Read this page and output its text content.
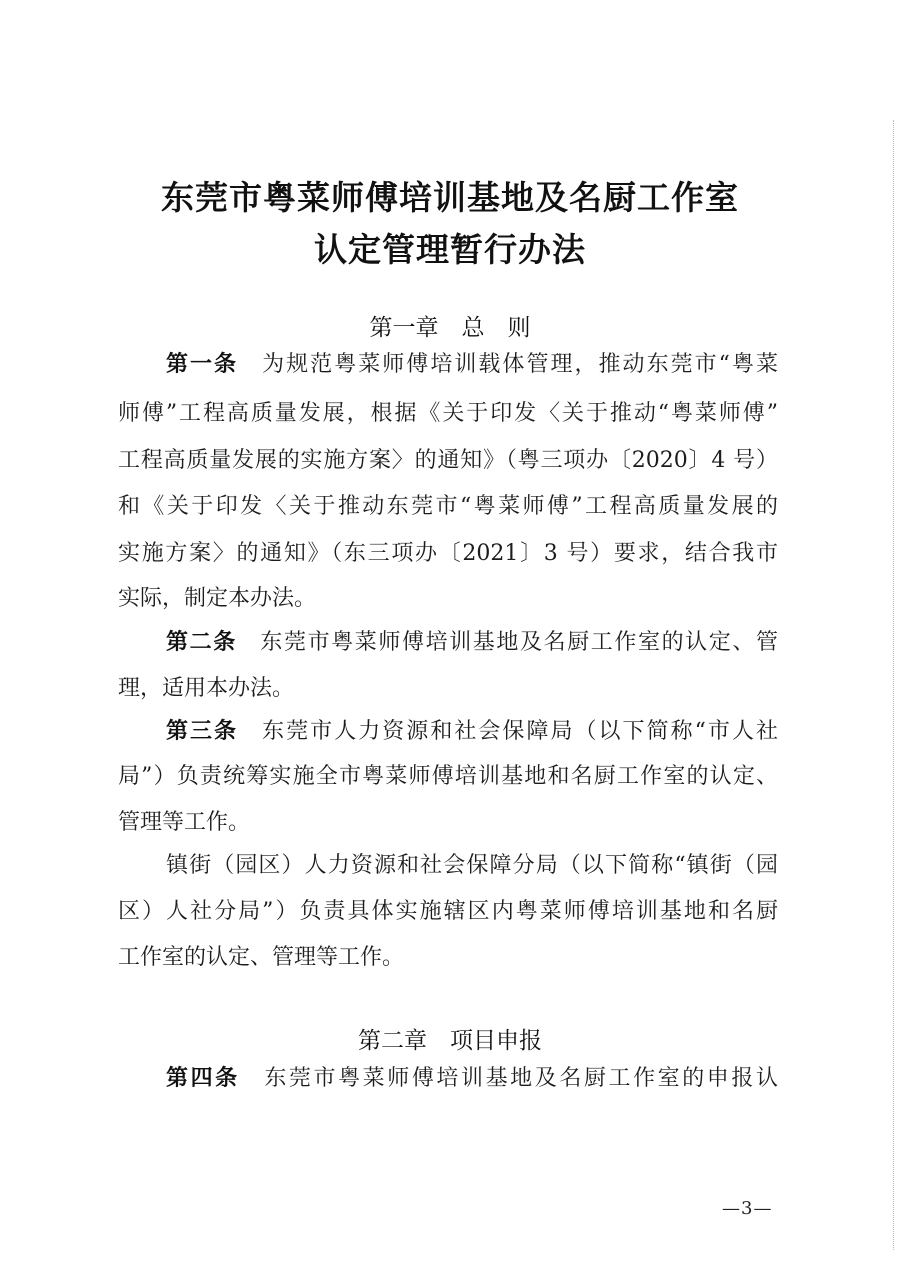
东莞市粤菜师傅培训基地及名厨工作室
认定管理暂行办法
第一章　总　则
第一条　 为规范粤菜师傅培训载体管理，推动东莞市“粤菜
师傅”工程高质量发展，根据《关于印发〈关于推动“粤菜师傅”
工程高质量发展的实施方案〉的通知》（粤三项办〔2020〕4 号）
和《关于印发〈关于推动东莞市“粤菜师傅”工程高质量发展的
实施方案〉的通知》（东三项办〔2021〕3 号）要求，结合我市
实际，制定本办法。
第二条　 东莞市粤菜师傅培训基地及名厨工作室的认定、管
理，适用本办法。
第三条　 东莞市人力资源和社会保障局（以下简称“市人社
局”）负责统筹实施全市粤菜师傅培训基地和名厨工作室的认定、
管理等工作。
镇街（园区）人力资源和社会保障分局（以下简称“镇街（园
区）人社分局”）负责具体实施辖区内粤菜师傅培训基地和名厨
工作室的认定、管理等工作。
第二章　项目申报
第四条　 东莞市粤菜师傅培训基地及名厨工作室的申报认
—3—
